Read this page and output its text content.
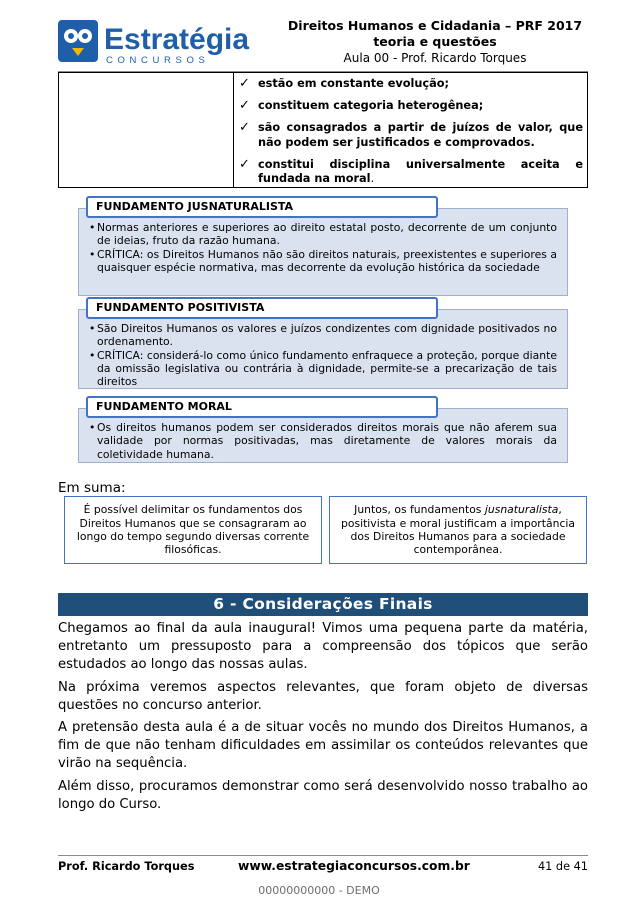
Estratégia
C O N C U R S O S
Direitos Humanos e Cidadania – PRF 2017
teoria e questões
Aula 00 - Prof. Ricardo Torques
✓ estão em constante evolução;
✓ constituem categoria heterogênea;
✓ são consagrados a partir de juízos de valor, que não podem ser justificados e comprovados.
✓ constitui disciplina universalmente aceita e fundada na moral.
• Normas anteriores e superiores ao direito estatal posto, decorrente de um conjunto de ideias, fruto da razão humana.
• CRÍTICA: os Direitos Humanos não são direitos naturais, preexistentes e superiores a quaisquer espécie normativa, mas decorrente da evolução histórica da sociedade
FUNDAMENTO JUSNATURALISTA
• São Direitos Humanos os valores e juízos condizentes com dignidade positivados no ordenamento.
• CRÍTICA: considerá-lo como único fundamento enfraquece a proteção, porque diante da omissão legislativa ou contrária à dignidade, permite-se a precarização de tais direitos
FUNDAMENTO POSITIVISTA
• Os direitos humanos podem ser considerados direitos morais que não aferem sua validade por normas positivadas, mas diretamente de valores morais da coletividade humana.
FUNDAMENTO MORAL
Em suma:
É possível delimitar os fundamentos dos Direitos Humanos que se consagraram ao longo do tempo segundo diversas corrente filosóficas.
Juntos, os fundamentos jusnaturalista, positivista e moral justificam a importância dos Direitos Humanos para a sociedade contemporânea.
6 - Considerações Finais

Chegamos ao final da aula inaugural! Vimos uma pequena parte da matéria, entretanto um pressuposto para a compreensão dos tópicos que serão estudados ao longo das nossas aulas.

Na próxima veremos aspectos relevantes, que foram objeto de diversas questões no concurso anterior.

A pretensão desta aula é a de situar vocês no mundo dos Direitos Humanos, a fim de que não tenham dificuldades em assimilar os conteúdos relevantes que virão na sequência.

Além disso, procuramos demonstrar como será desenvolvido nosso trabalho ao longo do Curso.

Prof. Ricardo Torques	www.estrategiaconcursos.com.br	41 de 41
00000000000 - DEMO
